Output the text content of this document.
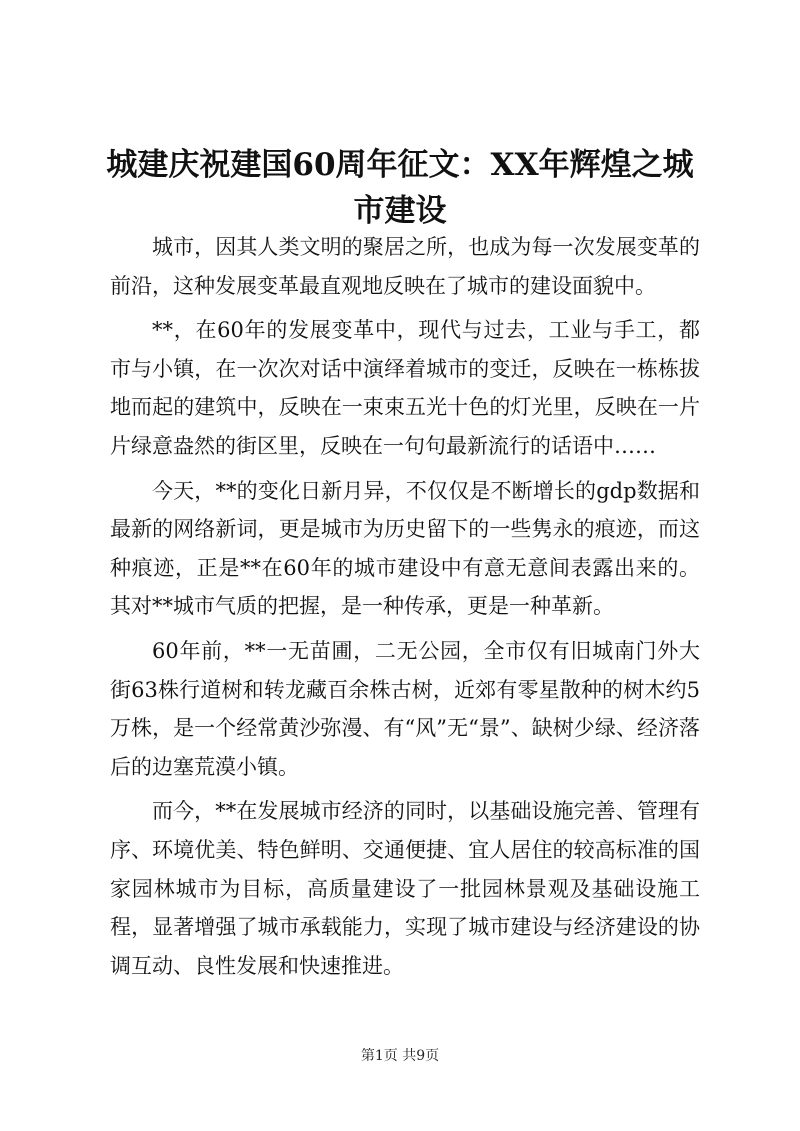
城建庆祝建国60周年征文：XX年辉煌之城市建设

城市，因其人类文明的聚居之所，也成为每一次发展变革的前沿，这种发展变革最直观地反映在了城市的建设面貌中。

**，在60年的发展变革中，现代与过去，工业与手工，都市与小镇，在一次次对话中演绎着城市的变迁，反映在一栋栋拔地而起的建筑中，反映在一束束五光十色的灯光里，反映在一片片绿意盎然的街区里，反映在一句句最新流行的话语中……

今天，**的变化日新月异，不仅仅是不断增长的gdp数据和最新的网络新词，更是城市为历史留下的一些隽永的痕迹，而这种痕迹，正是**在60年的城市建设中有意无意间表露出来的。其对**城市气质的把握，是一种传承，更是一种革新。

60年前，**一无苗圃，二无公园，全市仅有旧城南门外大街63株行道树和转龙藏百余株古树，近郊有零星散种的树木约5万株，是一个经常黄沙弥漫、有“风”无“景”、缺树少绿、经济落后的边塞荒漠小镇。

而今，**在发展城市经济的同时，以基础设施完善、管理有序、环境优美、特色鲜明、交通便捷、宜人居住的较高标准的国家园林城市为目标，高质量建设了一批园林景观及基础设施工程，显著增强了城市承载能力，实现了城市建设与经济建设的协调互动、良性发展和快速推进。

第1页 共9页
